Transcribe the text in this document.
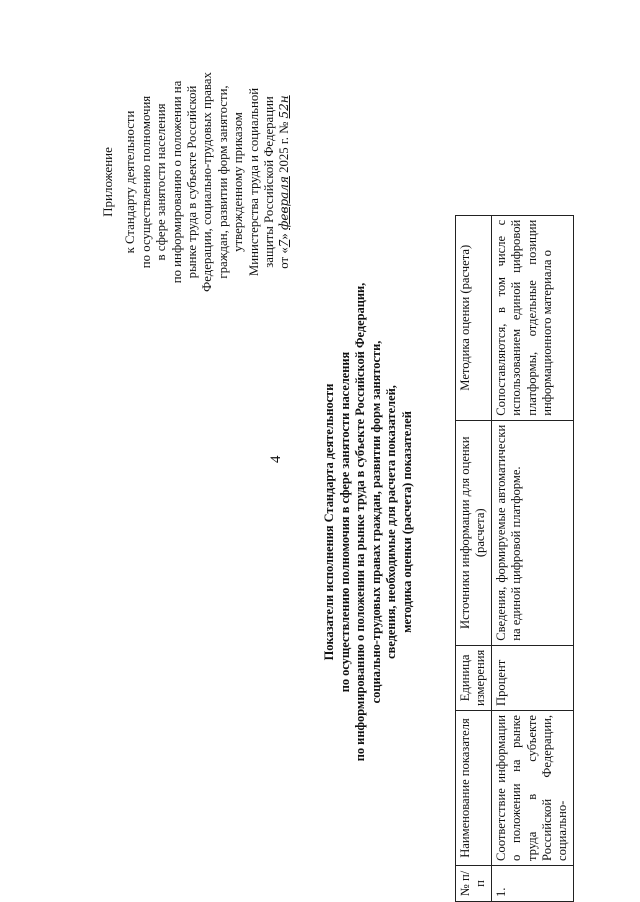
4
Приложение к Стандарту деятельности по осуществлению полномочия в сфере занятости населения по информированию о положении на рынке труда в субъекте Российской Федерации, социально-трудовых правах граждан, развитии форм занятости, утвержденному приказом Министерства труда и социальной защиты Российской Федерации от «7» февраля 2025 г. № 52н
Показатели исполнения Стандарта деятельности по осуществлению полномочия в сфере занятости населения по информированию о положении на рынке труда в субъекте Российской Федерации, социально-трудовых правах граждан, развитии форм занятости, сведения, необходимые для расчета показателей, методика оценки (расчета) показателей
№ п/п	Наименование показателя	Единица измерения	Источники информации для оценки (расчета)	Методика оценки (расчета)
1.	Соответствие информации о положении на рынке труда в субъекте Российской Федерации, социально-	Процент	Сведения, формируемые автоматически на единой цифровой платформе.	Сопоставляются, в том числе с использованием единой цифровой платформы, отдельные позиции информационного материала о
